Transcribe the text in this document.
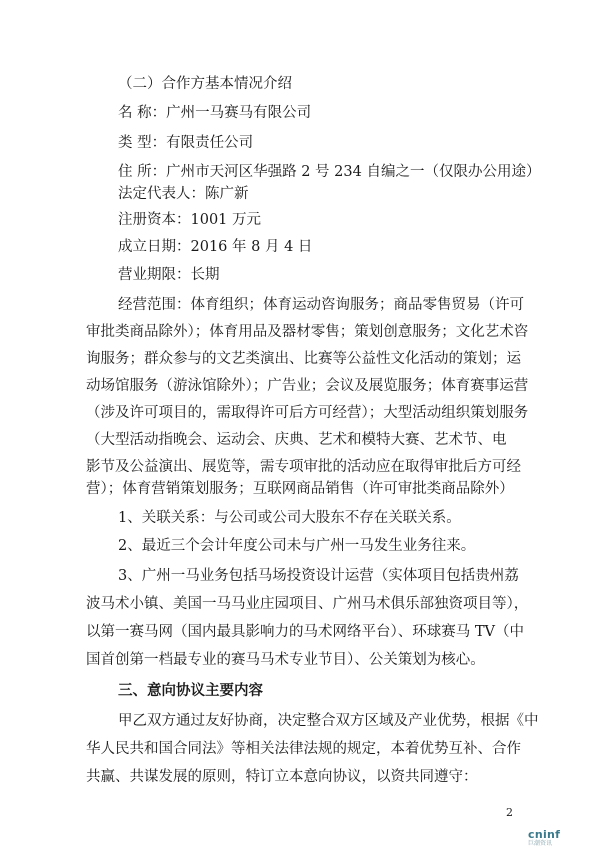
（二）合作方基本情况介绍
名 称：广州一马赛马有限公司
类 型：有限责任公司
住 所：广州市天河区华强路 2 号 234 自编之一（仅限办公用途）
法定代表人：陈广新
注册资本：1001 万元
成立日期：2016 年 8 月 4 日
营业期限：长期
经营范围：体育组织；体育运动咨询服务；商品零售贸易（许可
审批类商品除外）；体育用品及器材零售；策划创意服务；文化艺术咨
询服务；群众参与的文艺类演出、比赛等公益性文化活动的策划；运
动场馆服务（游泳馆除外）；广告业；会议及展览服务；体育赛事运营
（涉及许可项目的，需取得许可后方可经营）；大型活动组织策划服务
（大型活动指晚会、运动会、庆典、艺术和模特大赛、艺术节、电
影节及公益演出、展览等，需专项审批的活动应在取得审批后方可经
营）；体育营销策划服务；互联网商品销售（许可审批类商品除外）
1、关联关系：与公司或公司大股东不存在关联关系。
2、最近三个会计年度公司未与广州一马发生业务往来。
3、广州一马业务包括马场投资设计运营（实体项目包括贵州荔
波马术小镇、美国一马马业庄园项目、广州马术俱乐部独资项目等），
以第一赛马网（国内最具影响力的马术网络平台）、环球赛马 TV（中
国首创第一档最专业的赛马马术专业节目）、公关策划为核心。
三、意向协议主要内容
甲乙双方通过友好协商，决定整合双方区域及产业优势，根据《中
华人民共和国合同法》等相关法律法规的规定，本着优势互补、合作
共赢、共谋发展的原则，特订立本意向协议，以资共同遵守：
2
cninf
巨潮资讯
